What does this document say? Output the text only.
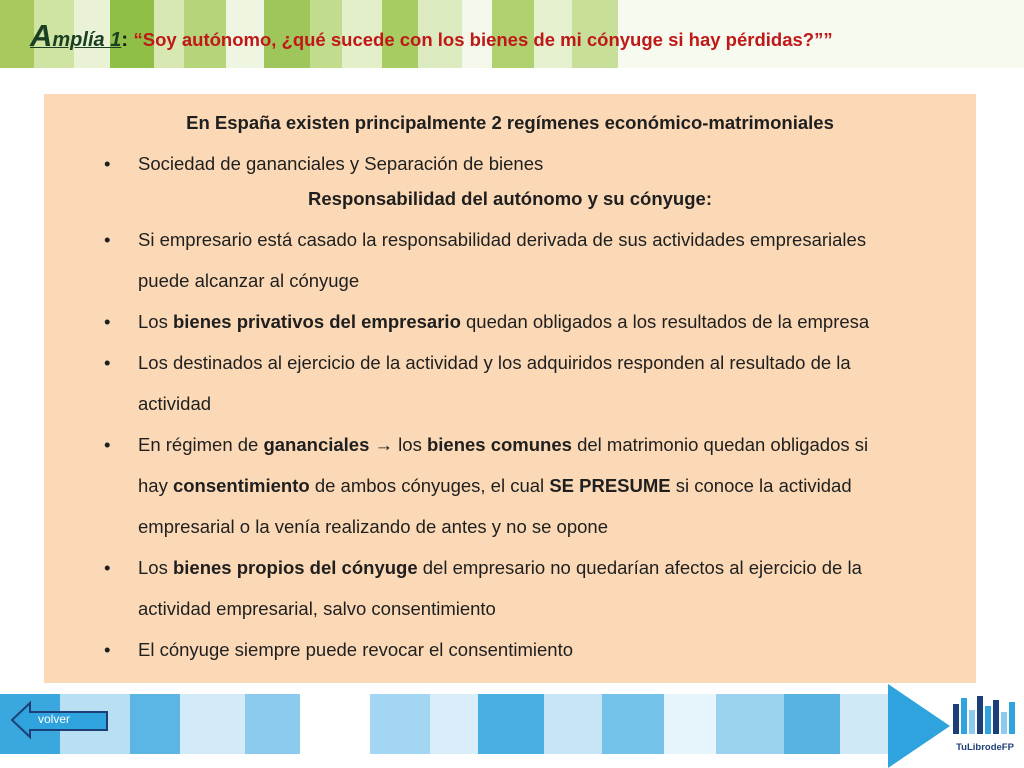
Amplía 1: “Soy autónomo, ¿qué sucede con los bienes de mi cónyuge si hay pérdidas?””
En España existen principalmente 2 regímenes económico-matrimoniales
• Sociedad de gananciales y Separación de bienes
Responsabilidad del autónomo y su cónyuge:
• Si empresario está casado la responsabilidad derivada de sus actividades empresariales
puede alcanzar al cónyuge
• Los bienes privativos del empresario quedan obligados a los resultados de la empresa
• Los destinados al ejercicio de la actividad y los adquiridos responden al resultado de la
actividad
• En régimen de gananciales → los bienes comunes del matrimonio quedan obligados si
hay consentimiento de ambos cónyuges, el cual SE PRESUME si conoce la actividad
empresarial o la venía realizando de antes y no se opone
• Los bienes propios del cónyuge del empresario no quedarían afectos al ejercicio de la
actividad empresarial, salvo consentimiento
• El cónyuge siempre puede revocar el consentimiento
volver
TuLibrodeFP
